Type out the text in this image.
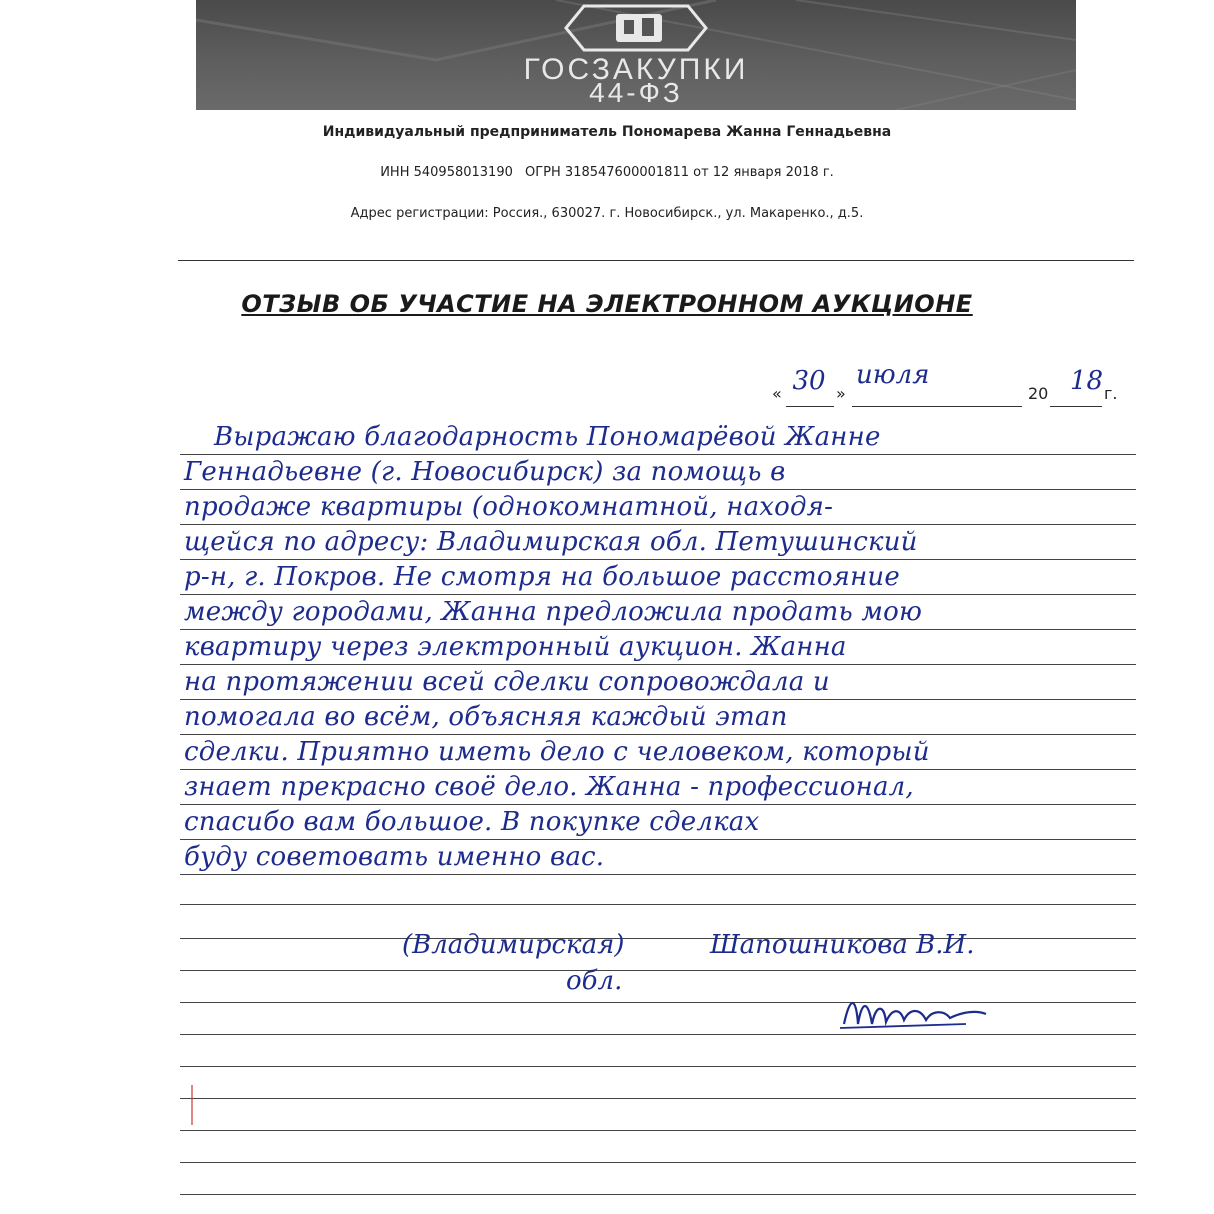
ГОСЗАКУПКИ
44-ФЗ
Индивидуальный предприниматель Пономарева Жанна Геннадьевна
ИНН 540958013190 ОГРН 318547600001811 от 12 января 2018 г.
Адрес регистрации: Россия., 630027. г. Новосибирск., ул. Макаренко., д.5.
ОТЗЫВ ОБ УЧАСТИЕ НА ЭЛЕКТРОННОМ АУКЦИОНЕ
« 30 »
июля
20 18 г.
Выражаю благодарность Пономарёвой Жанне
Геннадьевне (г. Новосибирск) за помощь в
продаже квартиры (однокомнатной, находя-
щейся по адресу: Владимирская обл. Петушинский
р-н, г. Покров. Не смотря на большое расстояние
между городами, Жанна предложила продать мою
квартиру через электронный аукцион. Жанна
на протяжении всей сделки сопровождала и
помогала во всём, объясняя каждый этап
сделки. Приятно иметь дело с человеком, который
знает прекрасно своё дело. Жанна - профессионал,
спасибо вам большое. В покупке сделках
буду советовать именно вас.
(Владимирская)
обл.
Шапошникова В.И.
